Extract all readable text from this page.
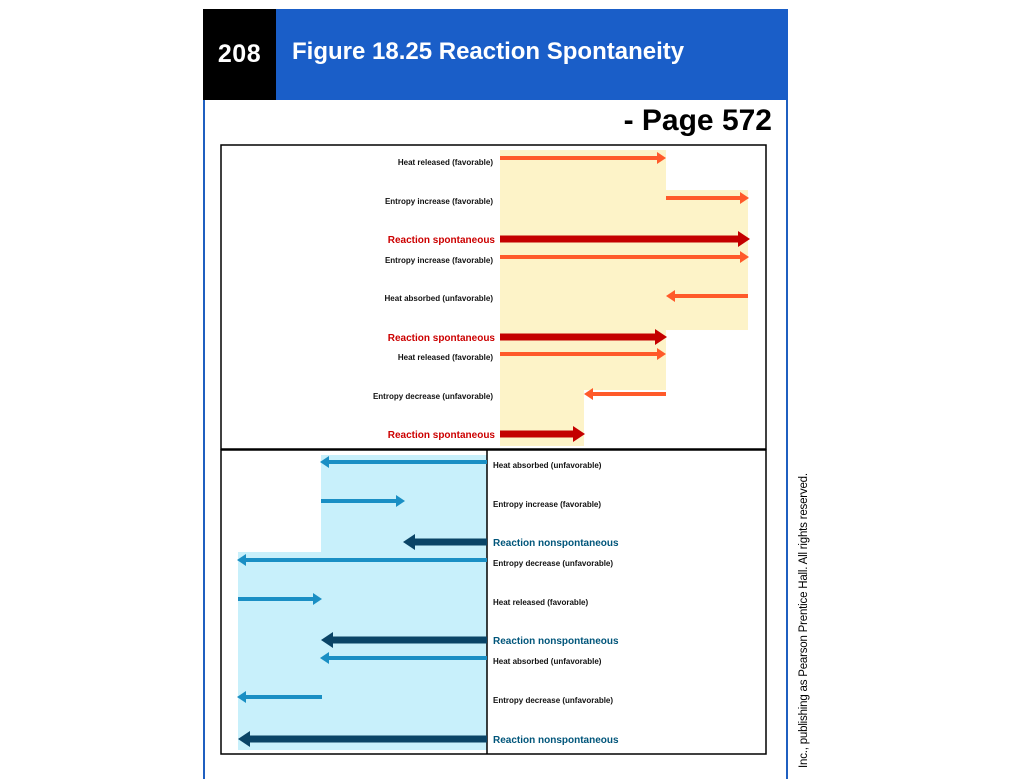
208	Figure 18.25 Reaction Spontaneity
- Page 572
Inc., publishing as Pearson Prentice Hall. All rights reserved.
Heat released (favorable)
Entropy increase (favorable)
Reaction spontaneous
Entropy increase (favorable)
Heat absorbed (unfavorable)
Reaction spontaneous
Heat released (favorable)
Entropy decrease (unfavorable)
Reaction spontaneous
Heat absorbed (unfavorable)
Entropy increase (favorable)
Reaction nonspontaneous
Entropy decrease (unfavorable)
Heat released (favorable)
Reaction nonspontaneous
Heat absorbed (unfavorable)
Entropy decrease (unfavorable)
Reaction nonspontaneous
